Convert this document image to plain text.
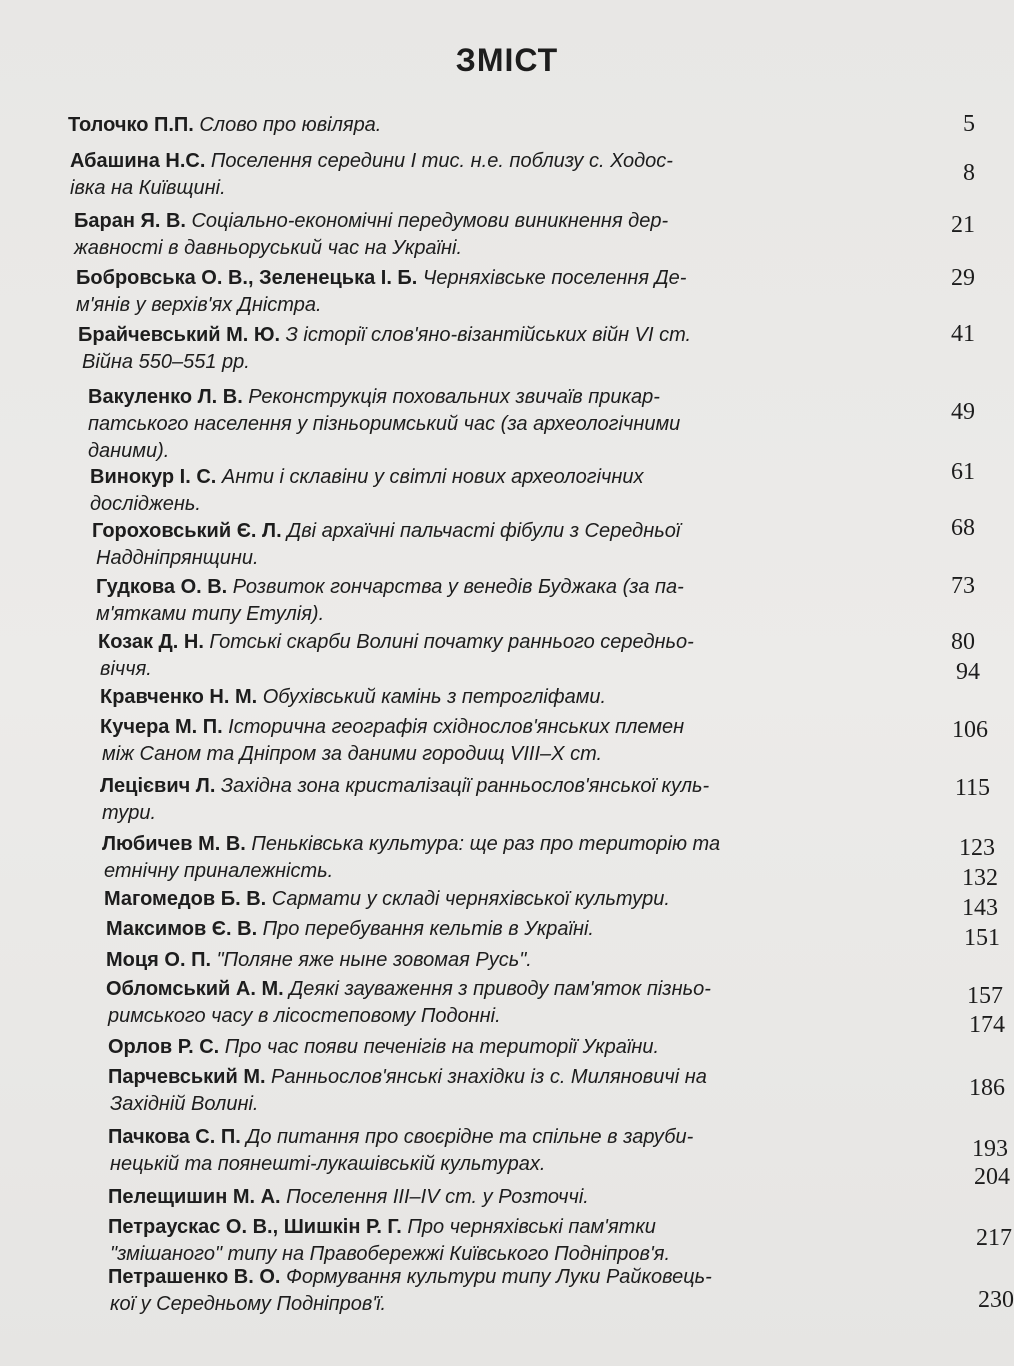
ЗМІСТ
Толочко П.П. Слово про ювіляра.	5
Абашина Н.С. Поселення середини I тис. н.е. поблизу с. Ходос-
івка на Київщині.
8
Баран Я. В. Соціально-економічні передумови виникнення дер-
жавності в давньоруський час на Україні.
21
Бобровська О. В., Зеленецька І. Б. Черняхівське поселення Де-
м'янів у верхів'ях Дністра.
29
Брайчевський М. Ю. З історії слов'яно-візантійських війн VI ст.
Війна 550–551 рр.
41
Вакуленко Л. В. Реконструкція поховальних звичаїв прикар-
патського населення у пізньоримський час (за археологічними
даними).
49
Винокур І. С. Анти і склавіни у світлі нових археологічних
досліджень.
61
Гороховський Є. Л. Дві архаїчні пальчасті фібули з Середньої
Наддніпрянщини.
68
Гудкова О. В. Розвиток гончарства у венедів Буджака (за па-
м'ятками типу Етулія).
73
Козак Д. Н. Готські скарби Волині початку раннього середньо-
віччя.
80
Кравченко Н. М. Обухівський камінь з петрогліфами.
94
Кучера М. П. Історична географія східнослов'янських племен
між Саном та Дніпром за даними городищ VIII–X ст.
106
Лецієвич Л. Західна зона кристалізації ранньослов'янської куль-
тури.
115
Любичев М. В. Пеньківська культура: ще раз про територію та
етнічну приналежність.
123
Магомедов Б. В. Сармати у складі черняхівської культури.
132
Максимов Є. В. Про перебування кельтів в Україні.
143
Моця О. П. "Поляне яже ныне зовомая Русь".
151
Обломський А. М. Деякі зауваження з приводу пам'яток пізньо-
римського часу в лісостеповому Подонні.
157
Орлов Р. С. Про час появи печенігів на території України.
174
Парчевський М. Ранньослов'янські знахідки із с. Миляновичі на
Західній Волині.
186
Пачкова С. П. До питання про своєрідне та спільне в заруби-
нецькій та поянешті-лукашівській культурах.
193
Пелещишин М. А. Поселення III–IV ст. у Розточчі.
204
Петраускас О. В., Шишкін Р. Г. Про черняхівські пам'ятки
"змішаного" типу на Правобережжі Київського Подніпров'я.
217
Петрашенко В. О. Формування культури типу Луки Райковець-
кої у Середньому Подніпров'ї.	230
